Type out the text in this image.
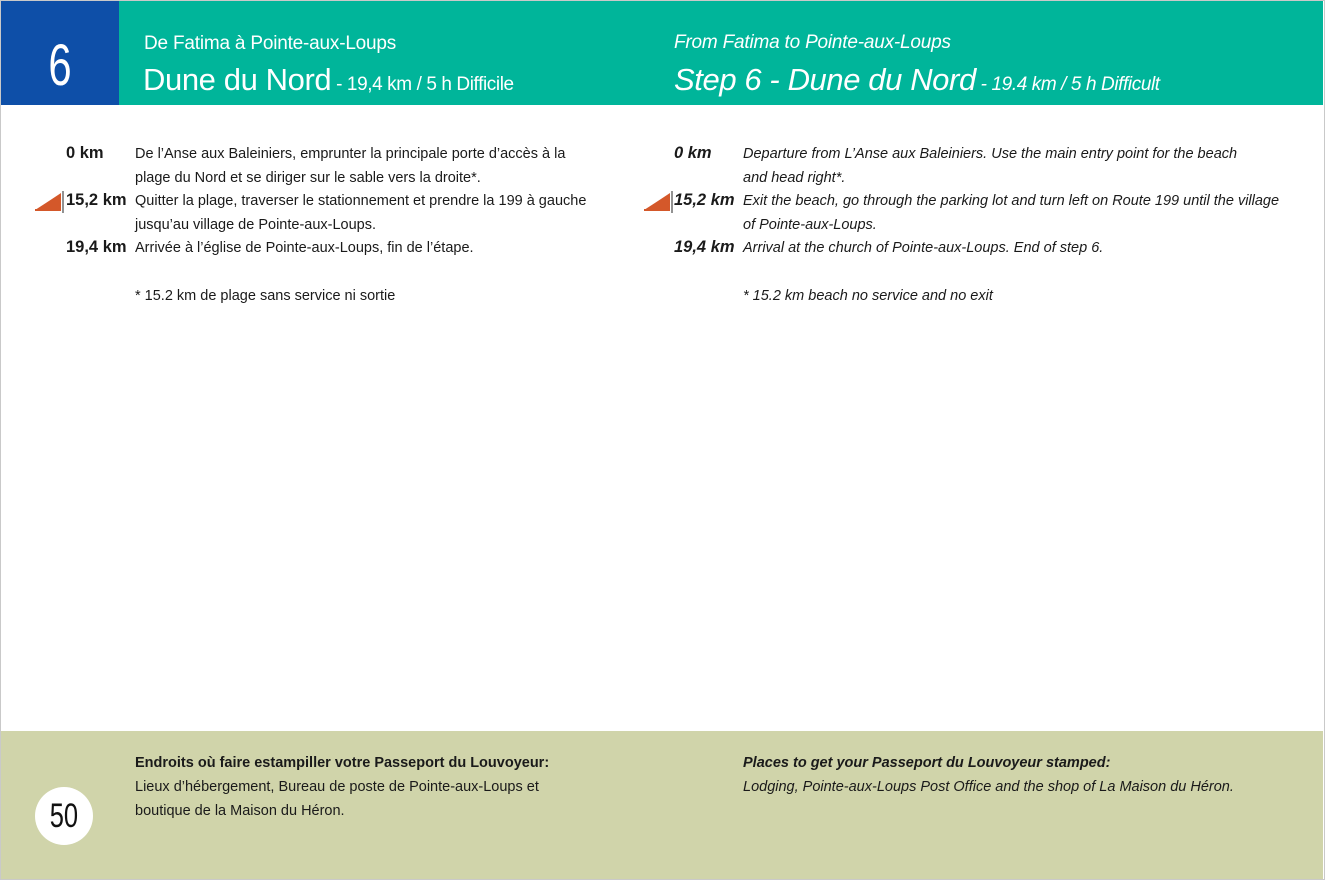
6	De Fatima à Pointe-aux-Loups
Dune du Nord - 19,4 km / 5 h Difficile
From Fatima to Pointe-aux-Loups
Step 6 - Dune du Nord - 19.4 km / 5 h Difficult
0 km De l’Anse aux Baleiniers, emprunter la principale porte d’accès à la
plage du Nord et se diriger sur le sable vers la droite*.
15,2 km Quitter la plage, traverser le stationnement et prendre la 199 à gauche
jusqu’au village de Pointe-aux-Loups.
19,4 km Arrivée à l’église de Pointe-aux-Loups, fin de l’étape.
* 15.2 km de plage sans service ni sortie
0 km Departure from L’Anse aux Baleiniers. Use the main entry point for the beach
and head right*.
15,2 km Exit the beach, go through the parking lot and turn left on Route 199 until the village
of Pointe-aux-Loups.
19,4 km Arrival at the church of Pointe-aux-Loups. End of step 6.
* 15.2 km beach no service and no exit
50
Endroits où faire estampiller votre Passeport du Louvoyeur:
Lieux d’hébergement, Bureau de poste de Pointe-aux-Loups et
boutique de la Maison du Héron.
Places to get your Passeport du Louvoyeur stamped:
Lodging, Pointe-aux-Loups Post Office and the shop of La Maison du Héron.
